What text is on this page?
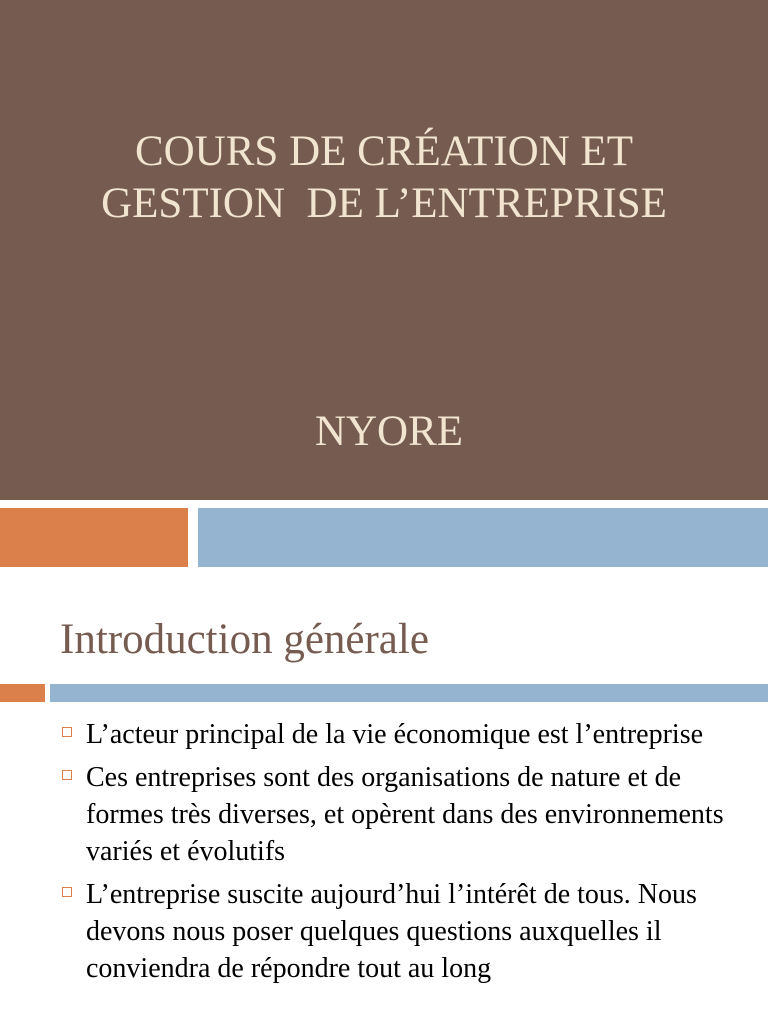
COURS DE CRÉATION ET
GESTION  DE L’ENTREPRISE
NYORE
Introduction générale
L’acteur principal de la vie économique est l’entreprise
Ces entreprises sont des organisations de nature et de formes très diverses, et opèrent dans des environnements variés et évolutifs
L’entreprise suscite aujourd’hui l’intérêt de tous. Nous devons nous poser quelques questions auxquelles il conviendra de répondre tout au long
